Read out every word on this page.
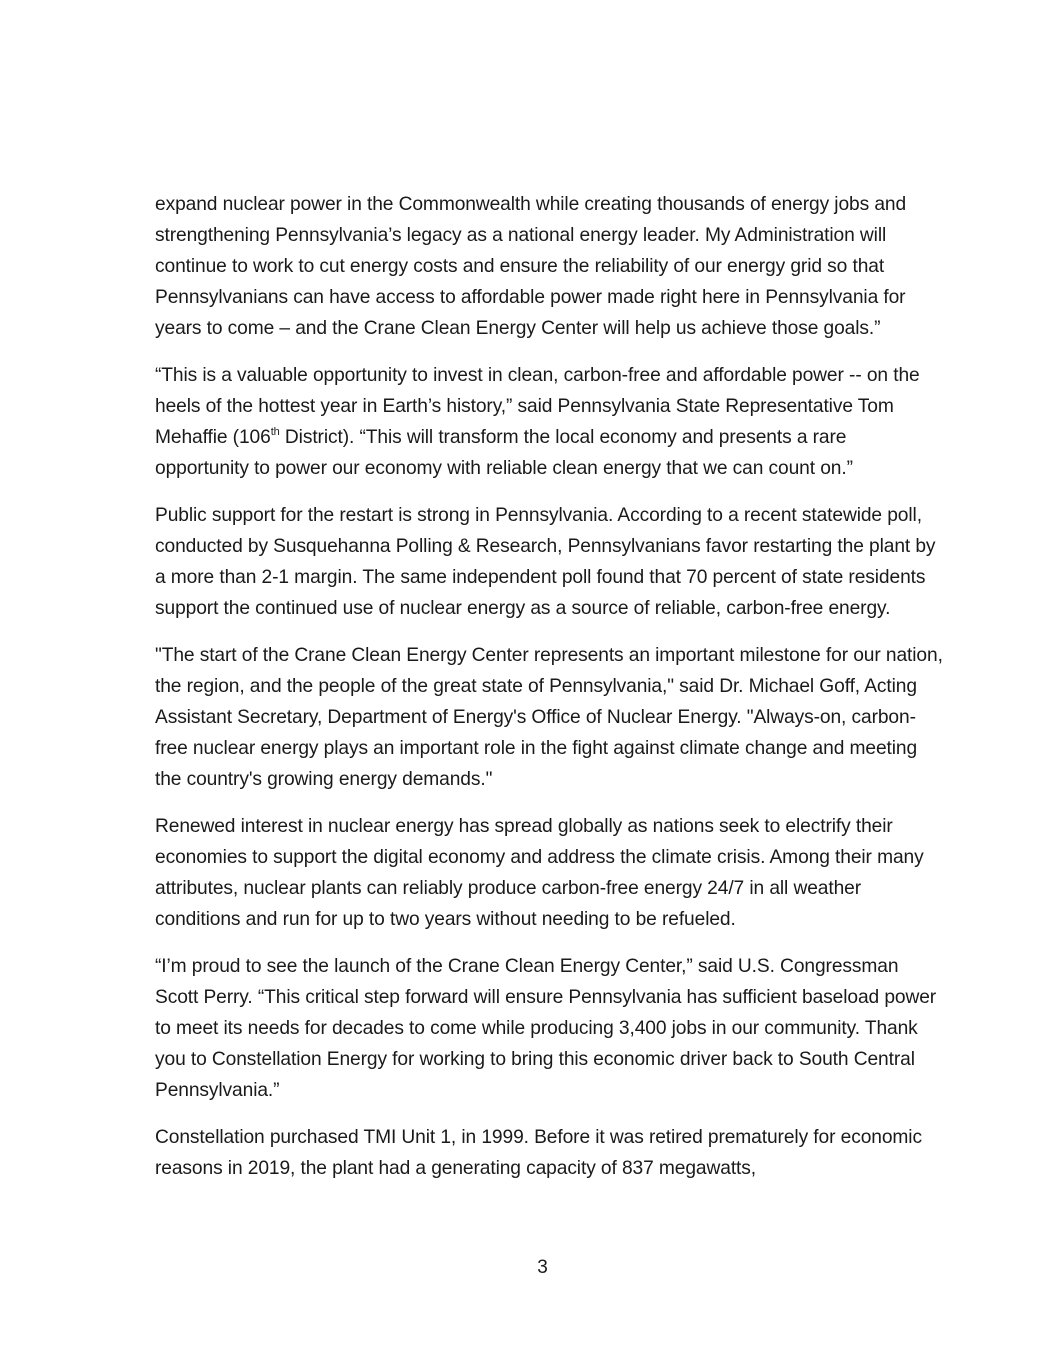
expand nuclear power in the Commonwealth while creating thousands of energy jobs and strengthening Pennsylvania’s legacy as a national energy leader. My Administration will continue to work to cut energy costs and ensure the reliability of our energy grid so that Pennsylvanians can have access to affordable power made right here in Pennsylvania for years to come – and the Crane Clean Energy Center will help us achieve those goals.”

“This is a valuable opportunity to invest in clean, carbon-free and affordable power -- on the heels of the hottest year in Earth’s history,” said Pennsylvania State Representative Tom Mehaffie (106th District). “This will transform the local economy and presents a rare opportunity to power our economy with reliable clean energy that we can count on.”

Public support for the restart is strong in Pennsylvania. According to a recent statewide poll, conducted by Susquehanna Polling & Research, Pennsylvanians favor restarting the plant by a more than 2-1 margin. The same independent poll found that 70 percent of state residents support the continued use of nuclear energy as a source of reliable, carbon-free energy.

"The start of the Crane Clean Energy Center represents an important milestone for our nation, the region, and the people of the great state of Pennsylvania," said Dr. Michael Goff, Acting Assistant Secretary, Department of Energy's Office of Nuclear Energy. "Always-on, carbon-free nuclear energy plays an important role in the fight against climate change and meeting the country's growing energy demands."

Renewed interest in nuclear energy has spread globally as nations seek to electrify their economies to support the digital economy and address the climate crisis. Among their many attributes, nuclear plants can reliably produce carbon-free energy 24/7 in all weather conditions and run for up to two years without needing to be refueled.

“I’m proud to see the launch of the Crane Clean Energy Center,” said U.S. Congressman Scott Perry. “This critical step forward will ensure Pennsylvania has sufficient baseload power to meet its needs for decades to come while producing 3,400 jobs in our community. Thank you to Constellation Energy for working to bring this economic driver back to South Central Pennsylvania.”

Constellation purchased TMI Unit 1, in 1999. Before it was retired prematurely for economic reasons in 2019, the plant had a generating capacity of 837 megawatts,

3
